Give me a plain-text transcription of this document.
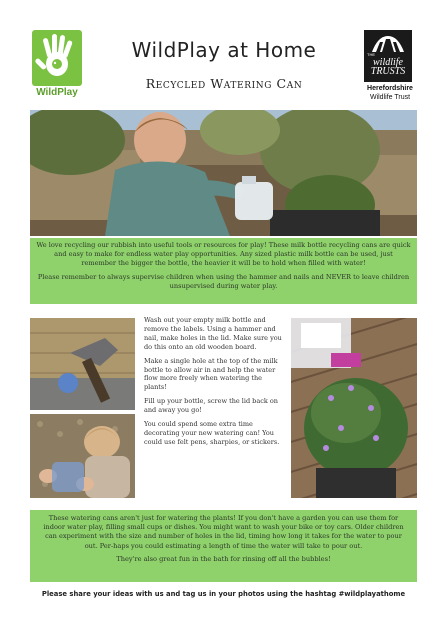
WildPlay
WildPlay at Home
Recycled Watering Can
THE
wildlife TRUSTS
Herefordshire
Wildlife Trust

We love recycling our rubbish into useful tools or resources for play! These milk bottle recycling cans are quick and easy to make for endless water play opportunities. Any sized plastic milk bottle can be used, just remember the bigger the bottle, the heavier it will be to hold when filled with water!

Please remember to always supervise children when using the hammer and nails and NEVER to leave children unsupervised during water play.

Wash out your empty milk bottle and remove the labels. Using a hammer and nail, make holes in the lid. Make sure you do this onto an old wooden board.

Make a single hole at the top of the milk bottle to allow air in and help the water flow more freely when watering the plants!

Fill up your bottle, screw the lid back on and away you go!

You could spend some extra time decorating your new watering can! You could use felt pens, sharpies, or stickers.

These watering cans aren't just for watering the plants! If you don't have a garden you can use them for indoor water play, filling small cups or dishes. You might want to wash your bike or toy cars. Older children can experiment with the size and number of holes in the lid, timing how long it takes for the water to pour out. Per-haps you could estimating a length of time the water will take to pour out.

They're also great fun in the bath for rinsing off all the bubbles!

Please share your ideas with us and tag us in your photos using the hashtag #wildplayathome
